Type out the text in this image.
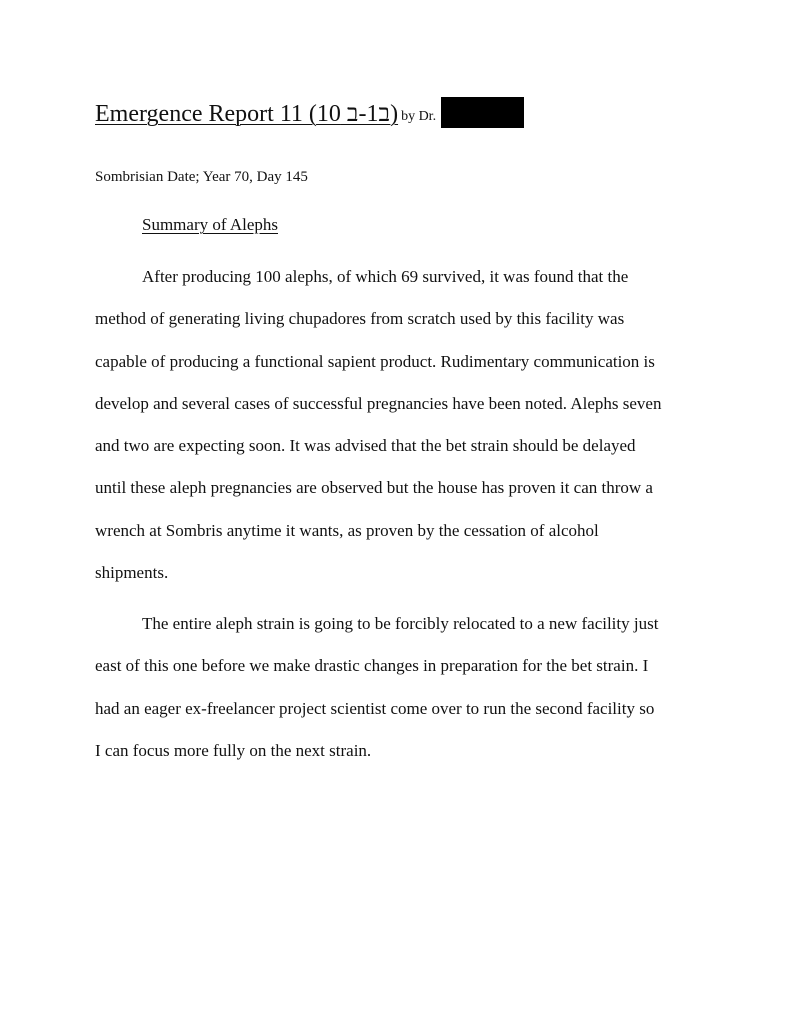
Emergence Report 11 (ב1-ב 10) by Dr.
Sombrisian Date; Year 70, Day 145
Summary of Alephs
After producing 100 alephs, of which 69 survived, it was found that the
method of generating living chupadores from scratch used by this facility was
capable of producing a functional sapient product. Rudimentary communication is
develop and several cases of successful pregnancies have been noted. Alephs seven
and two are expecting soon. It was advised that the bet strain should be delayed
until these aleph pregnancies are observed but the house has proven it can throw a
wrench at Sombris anytime it wants, as proven by the cessation of alcohol
shipments.
The entire aleph strain is going to be forcibly relocated to a new facility just
east of this one before we make drastic changes in preparation for the bet strain. I
had an eager ex-freelancer project scientist come over to run the second facility so
I can focus more fully on the next strain.
